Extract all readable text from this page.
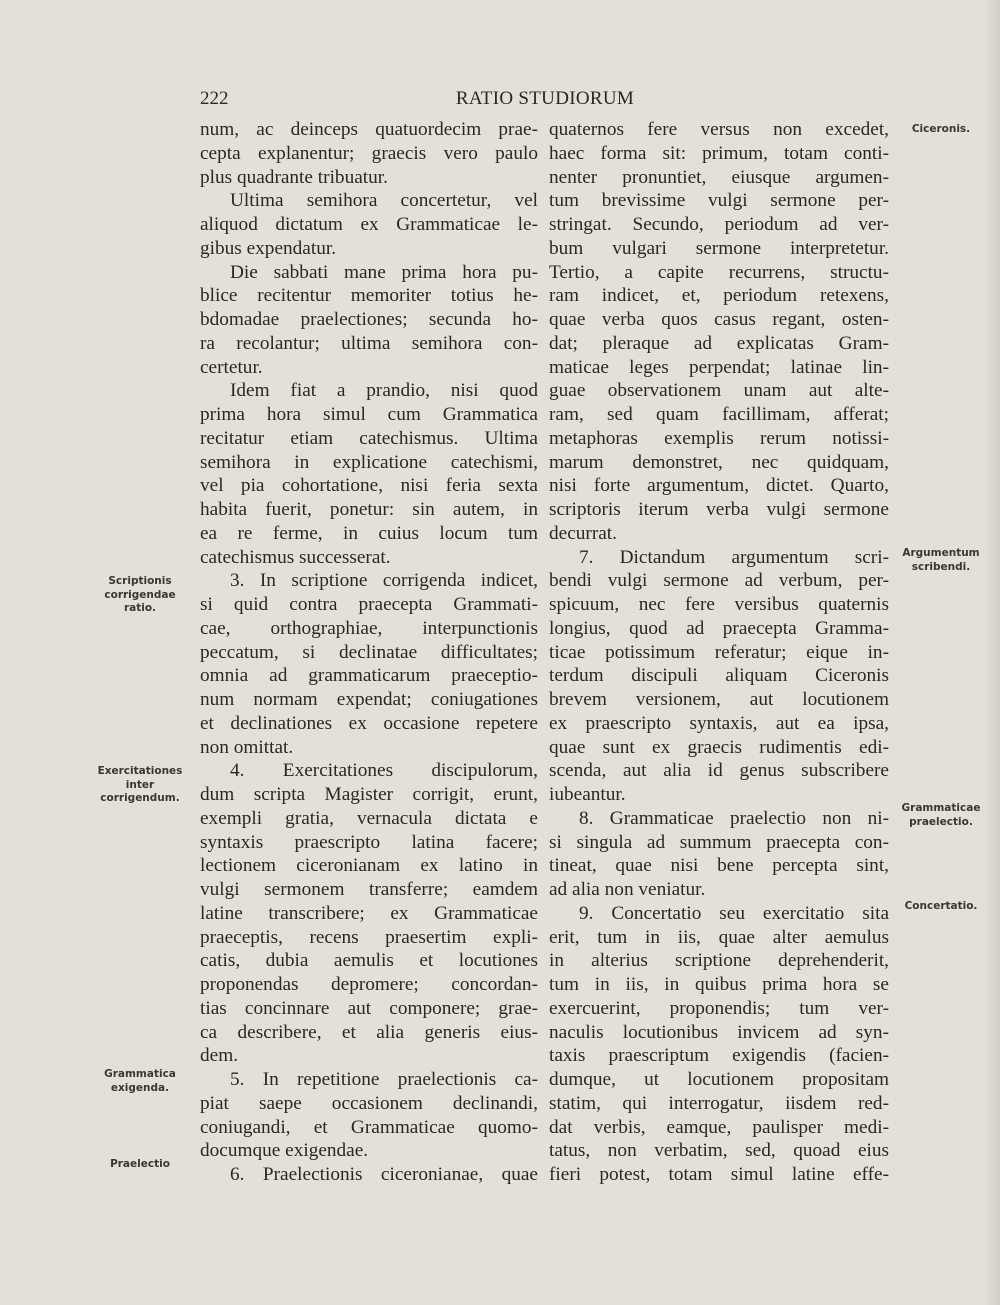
RATIO STUDIORUM
222
num, ac deinceps quatuordecim prae-
cepta explanentur; graecis vero paulo
plus quadrante tribuatur.
Ultima semihora concertetur, vel
aliquod dictatum ex Grammaticae le-
gibus expendatur.
Die sabbati mane prima hora pu-
blice recitentur memoriter totius he-
bdomadae praelectiones; secunda ho-
ra recolantur; ultima semihora con-
certetur.
Idem fiat a prandio, nisi quod
prima hora simul cum Grammatica
recitatur etiam catechismus. Ultima
semihora in explicatione catechismi,
vel pia cohortatione, nisi feria sexta
habita fuerit, ponetur: sin autem, in
ea re ferme, in cuius locum tum
catechismus successerat.
3. In scriptione corrigenda indicet,
si quid contra praecepta Grammati-
cae, orthographiae, interpunctionis
peccatum, si declinatae difficultates;
omnia ad grammaticarum praeceptio-
num normam expendat; coniugationes
et declinationes ex occasione repetere
non omittat.
4. Exercitationes discipulorum,
dum scripta Magister corrigit, erunt,
exempli gratia, vernacula dictata e
syntaxis praescripto latina facere;
lectionem ciceronianam ex latino in
vulgi sermonem transferre; eamdem
latine transcribere; ex Grammaticae
praeceptis, recens praesertim expli-
catis, dubia aemulis et locutiones
proponendas depromere; concordan-
tias concinnare aut componere; grae-
ca describere, et alia generis eius-
dem.
5. In repetitione praelectionis ca-
piat saepe occasionem declinandi,
coniugandi, et Grammaticae quomo-
documque exigendae.
6. Praelectionis ciceronianae, quae
quaternos fere versus non excedet,
haec forma sit: primum, totam conti-
nenter pronuntiet, eiusque argumen-
tum brevissime vulgi sermone per-
stringat. Secundo, periodum ad ver-
bum vulgari sermone interpretetur.
Tertio, a capite recurrens, structu-
ram indicet, et, periodum retexens,
quae verba quos casus regant, osten-
dat; pleraque ad explicatas Gram-
maticae leges perpendat; latinae lin-
guae observationem unam aut alte-
ram, sed quam facillimam, afferat;
metaphoras exemplis rerum notissi-
marum demonstret, nec quidquam,
nisi forte argumentum, dictet. Quarto,
scriptoris iterum verba vulgi sermone
decurrat.
7. Dictandum argumentum scri-
bendi vulgi sermone ad verbum, per-
spicuum, nec fere versibus quaternis
longius, quod ad praecepta Gramma-
ticae potissimum referatur; eique in-
terdum discipuli aliquam Ciceronis
brevem versionem, aut locutionem
ex praescripto syntaxis, aut ea ipsa,
quae sunt ex graecis rudimentis edi-
scenda, aut alia id genus subscribere
iubeantur.
8. Grammaticae praelectio non ni-
si singula ad summum praecepta con-
tineat, quae nisi bene percepta sint,
ad alia non veniatur.
9. Concertatio seu exercitatio sita
erit, tum in iis, quae alter aemulus
in alterius scriptione deprehenderit,
tum in iis, in quibus prima hora se
exercuerint, proponendis; tum ver-
naculis locutionibus invicem ad syn-
taxis praescriptum exigendis (facien-
dumque, ut locutionem propositam
statim, qui interrogatur, iisdem red-
dat verbis, eamque, paulisper medi-
tatus, non verbatim, sed, quoad eius
fieri potest, totam simul latine effe-
Scriptionis
corrigendae
ratio.
Exercitationes
inter
corrigendum.
Grammatica
exigenda.
Praelectio
Ciceronis.
Argumentum
scribendi.
Grammaticae
praelectio.
Concertatio.
